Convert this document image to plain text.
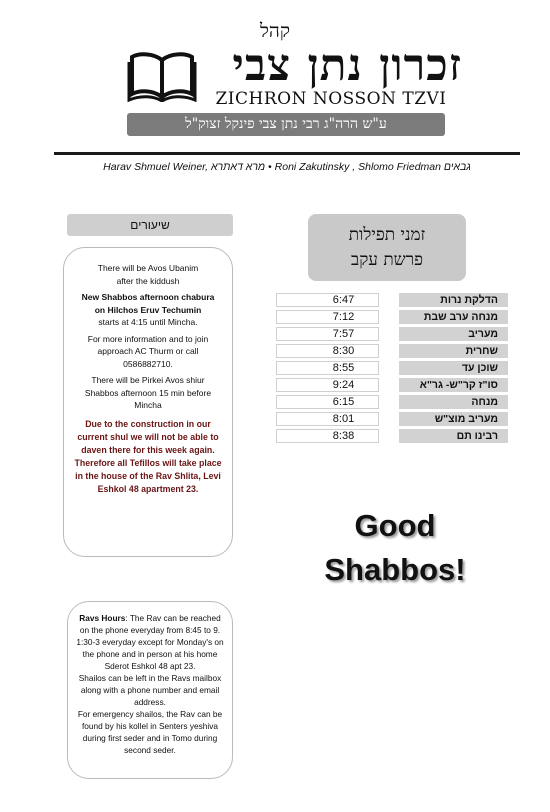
קהל
זכרון נתן צבי
ZICHRON NOSSON TZVI
ע"ש הרה"ג רבי נתן צבי פינקל זצוק"ל
Harav Shmuel Weiner, מרא דאתרא • Roni Zakutinsky , Shlomo Friedman גבאים
שיעורים

There will be Avos Ubanim
after the kiddush

New Shabbos afternoon chabura
on Hilchos Eruv Techumin

starts at 4:15 until Mincha.

For more information and to join
approach AC Thurm or call
0586882710.

There will be Pirkei Avos shiur
Shabbos afternoon 15 min before
Mincha

Due to the construction in our current shul we will not be able to daven there for this week again. Therefore all Tefillos will take place in the house of the Rav Shlita, Levi Eshkol 48 apartment 23.

זמני תפילות
פרשת עקב
6:47		הדלקת נרות
7:12		מנחה ערב שבת
7:57		מעריב
8:30		שחרית
8:55		שוכן עד
9:24		סו"ז קר"ש- גר"א
6:15		מנחה
8:01		מעריב מוצ"ש
8:38		רבינו תם
Good
Shabbos!

Ravs Hours: The Rav can be reached on the phone everyday from 8:45 to 9.

1:30-3 everyday except for Monday's on the phone and in person at his home Sderot Eshkol 48 apt 23.

Shailos can be left in the Ravs mailbox along with a phone number and email address.

For emergency shailos, the Rav can be found by his kollel in Senters yeshiva during first seder and in Tomo during second seder.
